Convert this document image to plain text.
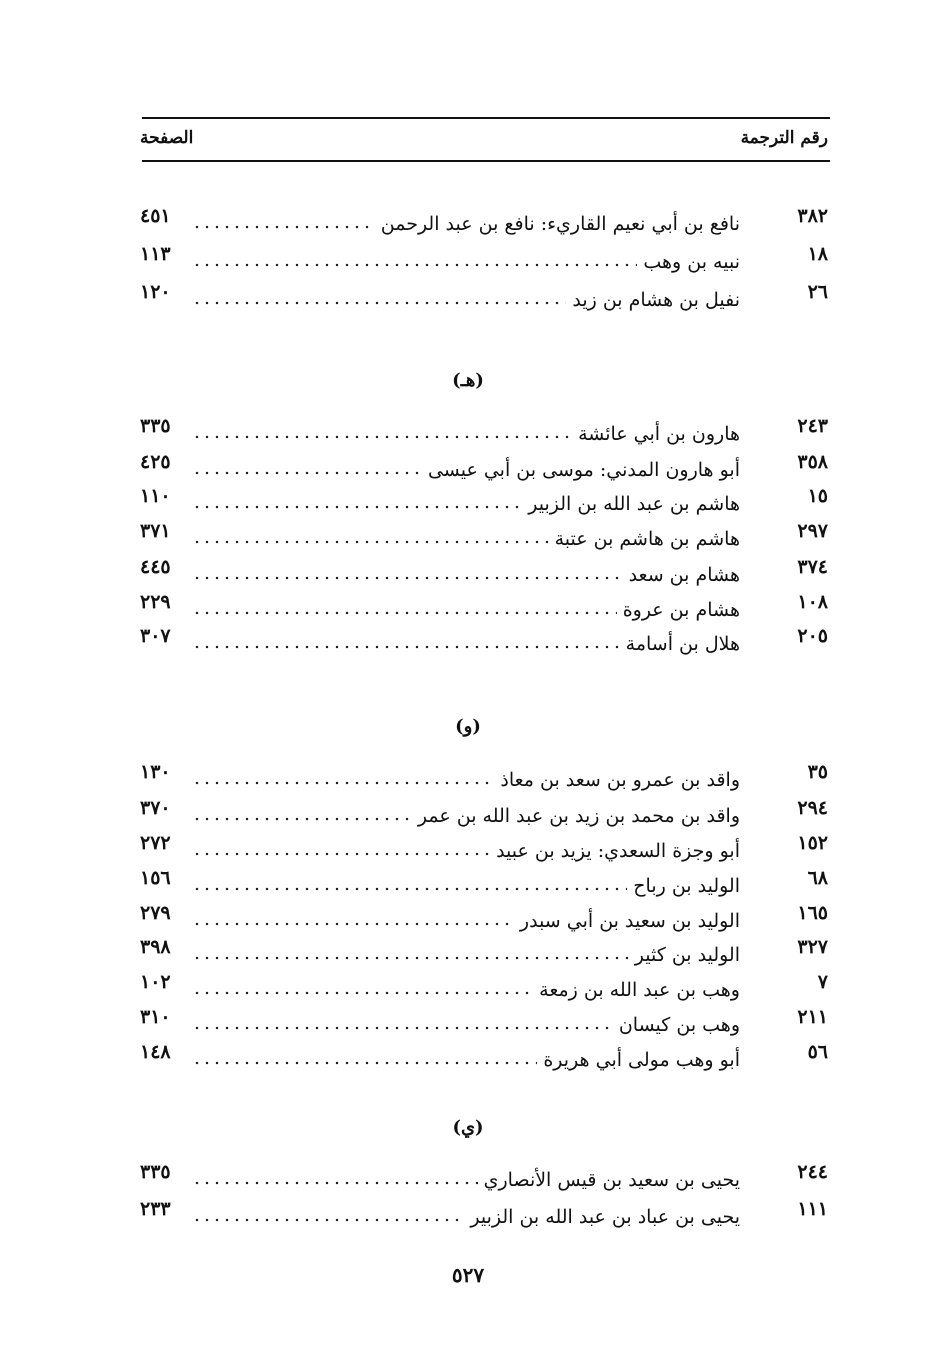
رقم الترجمة
الصفحة
٣٨٢
نافع بن أبي نعيم القاريء: نافع بن عبد الرحمن
٤٥١
١٨
نبيه بن وهب
١١٣
٢٦
نفيل بن هشام بن زيد
١٢٠
(هـ)
٢٤٣
هارون بن أبي عائشة
٣٣٥
٣٥٨
أبو هارون المدني: موسى بن أبي عيسى
٤٢٥
١٥
هاشم بن عبد الله بن الزبير
١١٠
٢٩٧
هاشم بن هاشم بن عتبة
٣٧١
٣٧٤
هشام بن سعد
٤٤٥
١٠٨
هشام بن عروة
٢٢٩
٢٠٥
هلال بن أسامة
٣٠٧
(و)
٣٥
واقد بن عمرو بن سعد بن معاذ
١٣٠
٢٩٤
واقد بن محمد بن زيد بن عبد الله بن عمر
٣٧٠
١٥٢
أبو وجزة السعدي: يزيد بن عبيد
٢٧٢
٦٨
الوليد بن رباح
١٥٦
١٦٥
الوليد بن سعيد بن أبي سبدر
٢٧٩
٣٢٧
الوليد بن كثير
٣٩٨
٧
وهب بن عبد الله بن زمعة
١٠٢
٢١١
وهب بن كيسان
٣١٠
٥٦
أبو وهب مولى أبي هريرة
١٤٨
(ي)
٢٤٤
يحيى بن سعيد بن قيس الأنصاري
٣٣٥
١١١
يحيى بن عباد بن عبد الله بن الزبير
٢٣٣
٥٢٧
